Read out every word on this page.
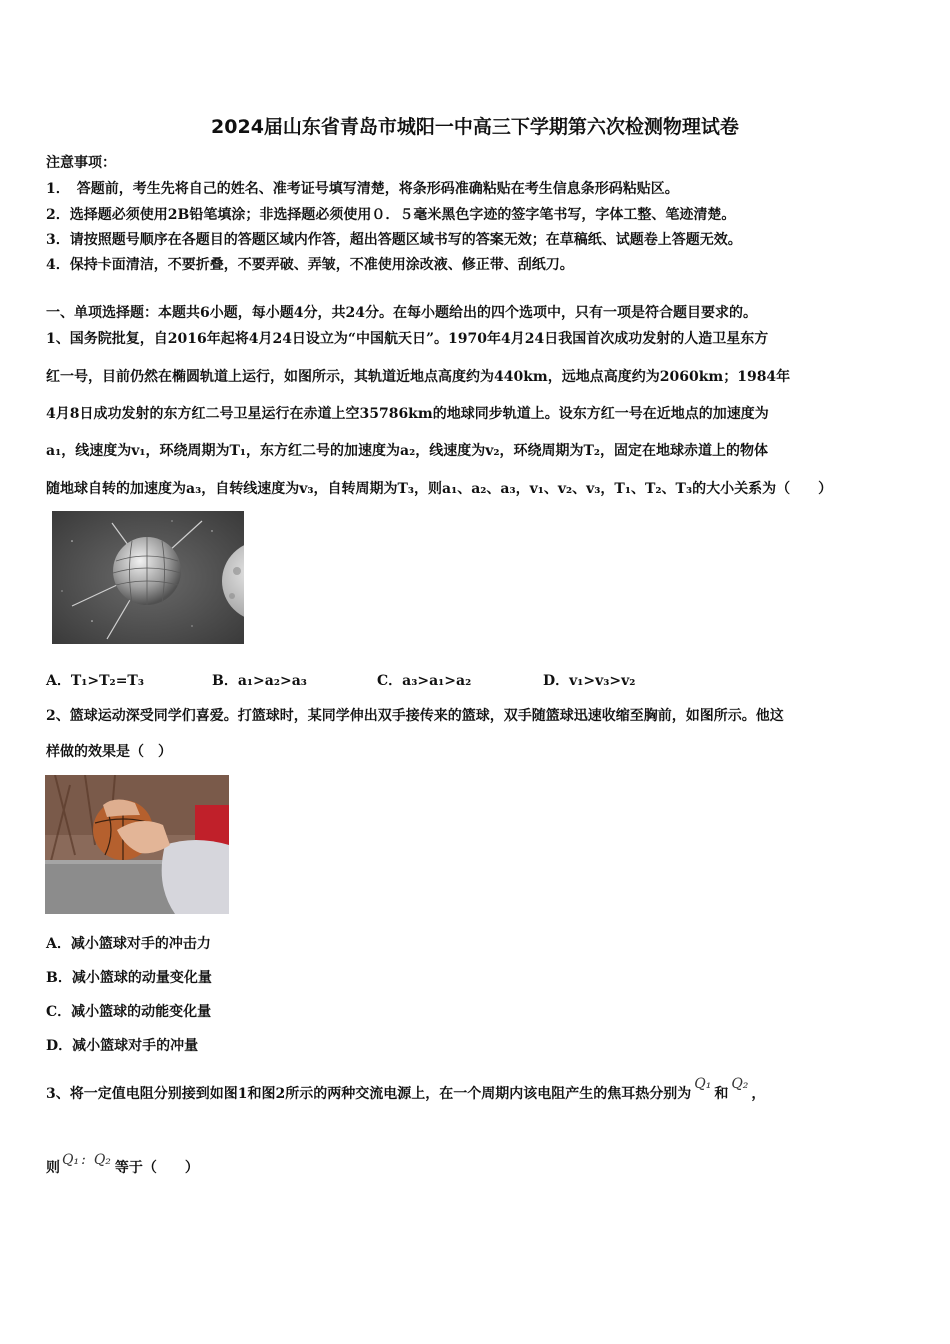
2024届山东省青岛市城阳一中高三下学期第六次检测物理试卷
注意事项：
1．　答题前，考生先将自己的姓名、准考证号填写清楚，将条形码准确粘贴在考生信息条形码粘贴区。
2．选择题必须使用2B铅笔填涂；非选择题必须使用０．５毫米黑色字迹的签字笔书写，字体工整、笔迹清楚。
3．请按照题号顺序在各题目的答题区域内作答，超出答题区域书写的答案无效；在草稿纸、试题卷上答题无效。
4．保持卡面清洁，不要折叠，不要弄破、弄皱，不准使用涂改液、修正带、刮纸刀。
一、单项选择题：本题共6小题，每小题4分，共24分。在每小题给出的四个选项中，只有一项是符合题目要求的。
1、国务院批复，自2016年起将4月24日设立为“中国航天日”。1970年4月24日我国首次成功发射的人造卫星东方
红一号，目前仍然在椭圆轨道上运行，如图所示，其轨道近地点高度约为440km，远地点高度约为2060km；1984年
4月8日成功发射的东方红二号卫星运行在赤道上空35786km的地球同步轨道上。设东方红一号在近地点的加速度为
a₁，线速度为v₁，环绕周期为T₁，东方红二号的加速度为a₂，线速度为v₂，环绕周期为T₂，固定在地球赤道上的物体
随地球自转的加速度为a₃，自转线速度为v₃，自转周期为T₃，则a₁、a₂、a₃，v₁、v₂、v₃，T₁、T₂、T₃的大小关系为（　　）
A．T₁>T₂=T₃	B．a₁>a₂>a₃	C．a₃>a₁>a₂	D．v₁>v₃>v₂
2、篮球运动深受同学们喜爱。打篮球时，某同学伸出双手接传来的篮球，双手随篮球迅速收缩至胸前，如图所示。他这
样做的效果是（　）
A．减小篮球对手的冲击力
B．减小篮球的动量变化量
C．减小篮球的动能变化量
D．减小篮球对手的冲量
3、将一定值电阻分别接到如图1和图2所示的两种交流电源上，在一个周期内该电阻产生的焦耳热分别为Q₁和Q₂，
则 Q₁ : Q₂ 等于（　　）
